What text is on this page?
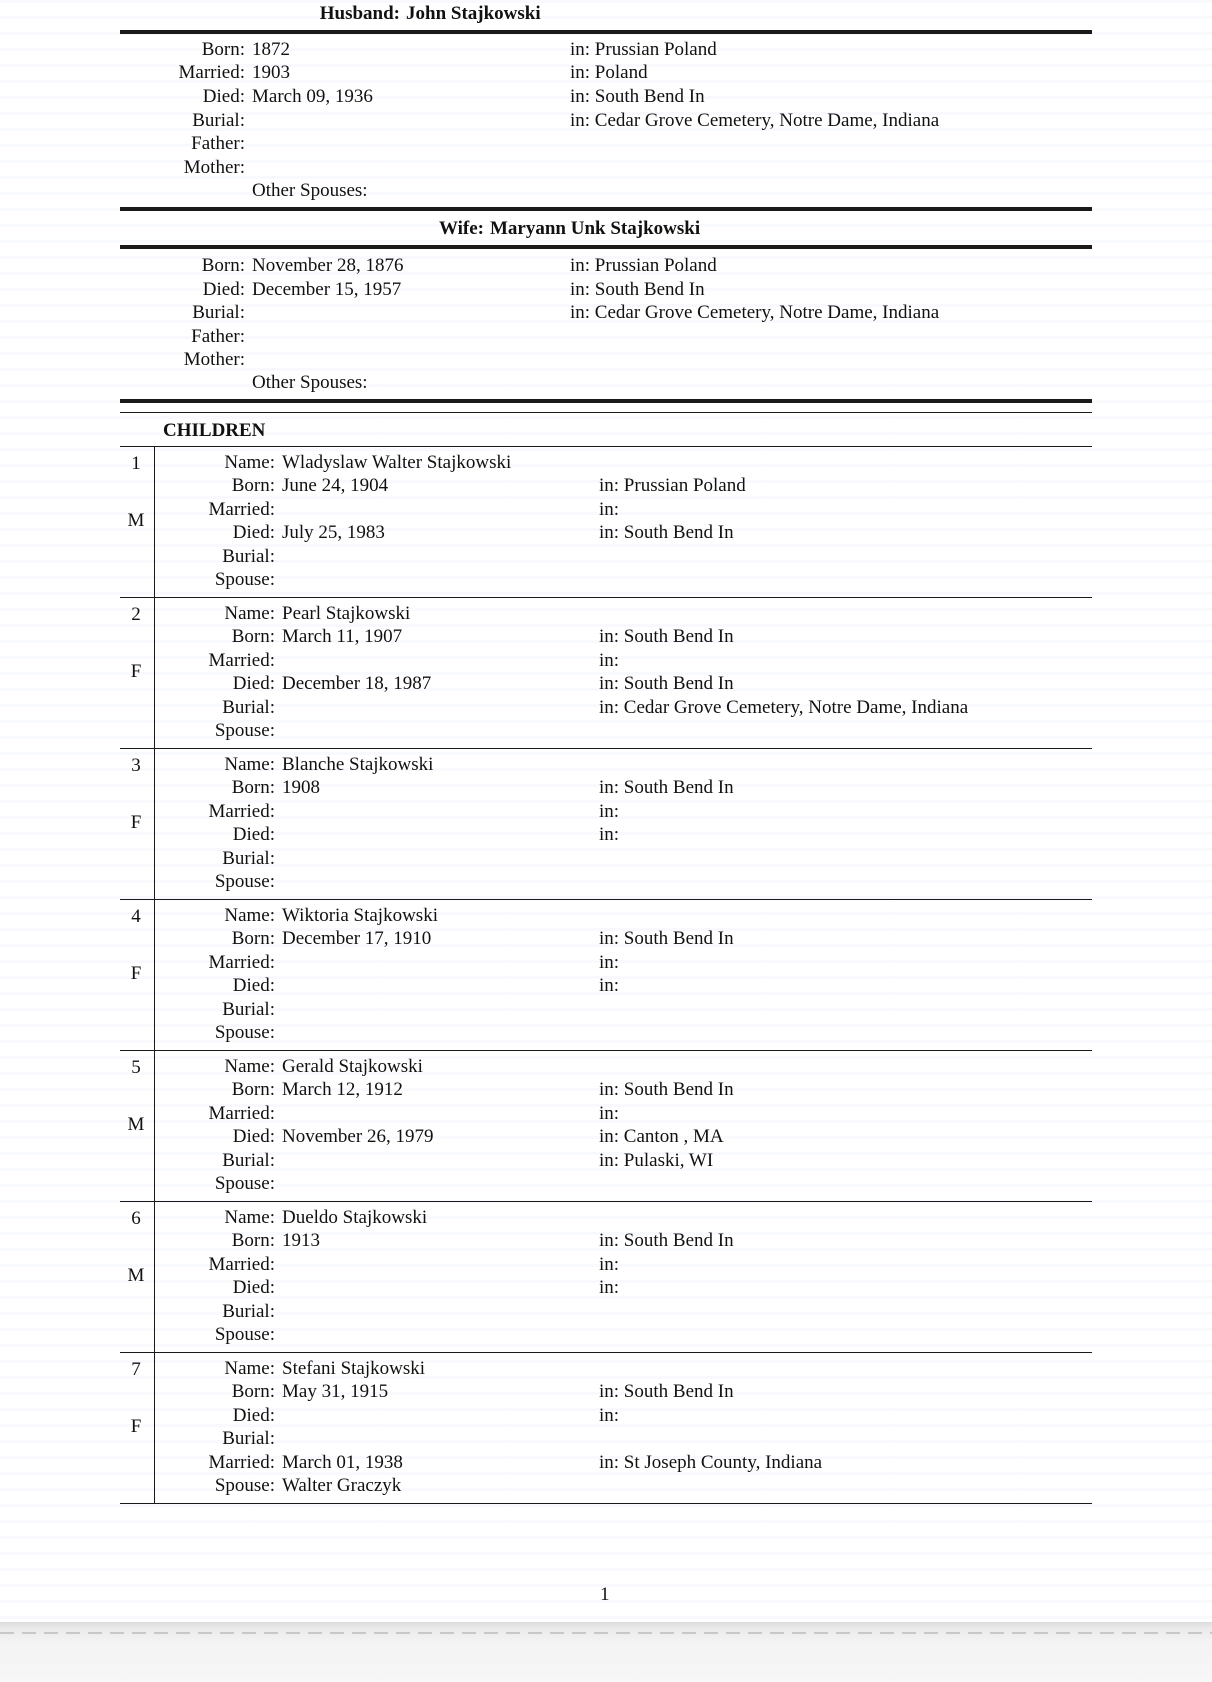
Husband: John Stajkowski
Born: 1872	in: Prussian Poland
Married: 1903	in: Poland
Died: March 09, 1936	in: South Bend In
Burial:	in: Cedar Grove Cemetery, Notre Dame, Indiana
Father:
Mother:
Other Spouses:
Wife: Maryann Unk Stajkowski
Born: November 28, 1876	in: Prussian Poland
Died: December 15, 1957	in: South Bend In
Burial:	in: Cedar Grove Cemetery, Notre Dame, Indiana
Father:
Mother:
Other Spouses:
CHILDREN
1
M
Name: Wladyslaw Walter Stajkowski
Born: June 24, 1904	in: Prussian Poland
Married:	in:
Died: July 25, 1983	in: South Bend In
Burial:
Spouse:
2
F
Name: Pearl Stajkowski
Born: March 11, 1907	in: South Bend In
Married:	in:
Died: December 18, 1987	in: South Bend In
Burial:	in: Cedar Grove Cemetery, Notre Dame, Indiana
Spouse:
3
F
Name: Blanche Stajkowski
Born: 1908	in: South Bend In
Married:	in:
Died:	in:
Burial:
Spouse:
4
F
Name: Wiktoria Stajkowski
Born: December 17, 1910	in: South Bend In
Married:	in:
Died:	in:
Burial:
Spouse:
5
M
Name: Gerald Stajkowski
Born: March 12, 1912	in: South Bend In
Married:	in:
Died: November 26, 1979	in: Canton , MA
Burial:	in: Pulaski, WI
Spouse:
6
M
Name: Dueldo Stajkowski
Born: 1913	in: South Bend In
Married:	in:
Died:	in:
Burial:
Spouse:
7
F
Name: Stefani Stajkowski
Born: May 31, 1915	in: South Bend In
Died:	in:
Burial:
Married: March 01, 1938	in: St Joseph County, Indiana
Spouse: Walter Graczyk
1
